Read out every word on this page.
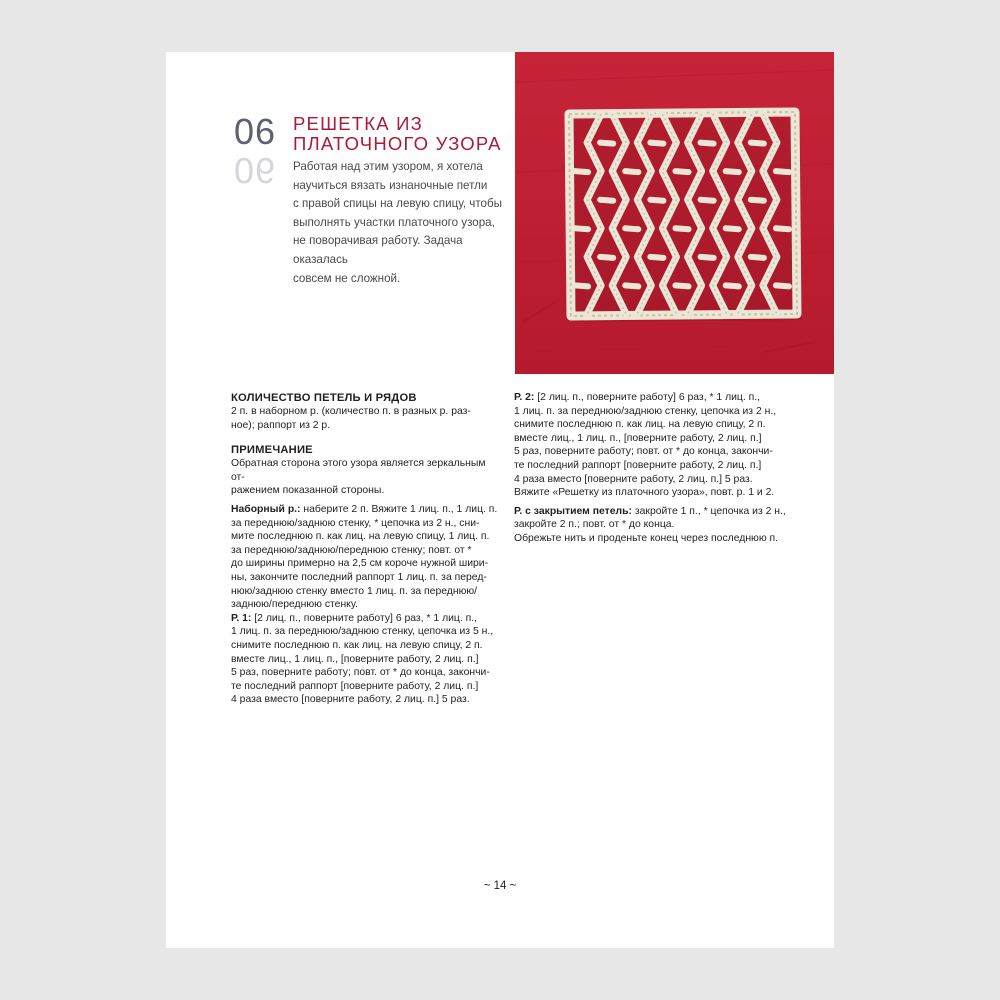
06
06
РЕШЕТКА ИЗ
ПЛАТОЧНОГО УЗОРА
Работая над этим узором, я хотела
научиться вязать изнаночные петли
с правой спицы на левую спицу, чтобы
выполнять участки платочного узора,
не поворачивая работу. Задача оказалась
совсем не сложной.
КОЛИЧЕСТВО ПЕТЕЛЬ И РЯДОВ
2 п. в наборном р. (количество п. в разных р. раз-
ное); раппорт из 2 р.
ПРИМЕЧАНИЕ
Обратная сторона этого узора является зеркальным от-
ражением показанной стороны.
Наборный р.: наберите 2 п. Вяжите 1 лиц. п., 1 лиц. п.
за переднюю/заднюю стенку, * цепочка из 2 н., сни-
мите последнюю п. как лиц. на левую спицу, 1 лиц. п.
за переднюю/заднюю/переднюю стенку; повт. от *
до ширины примерно на 2,5 см короче нужной шири-
ны, закончите последний раппорт 1 лиц. п. за перед-
нюю/заднюю стенку вместо 1 лиц. п. за переднюю/
заднюю/переднюю стенку.
Р. 1: [2 лиц. п., поверните работу] 6 раз, * 1 лиц. п.,
1 лиц. п. за переднюю/заднюю стенку, цепочка из 5 н.,
снимите последнюю п. как лиц. на левую спицу, 2 п.
вместе лиц., 1 лиц. п., [поверните работу, 2 лиц. п.]
5 раз, поверните работу; повт. от * до конца, закончи-
те последний раппорт [поверните работу, 2 лиц. п.]
4 раза вместо [поверните работу, 2 лиц. п.] 5 раз.
Р. 2: [2 лиц. п., поверните работу] 6 раз, * 1 лиц. п.,
1 лиц. п. за переднюю/заднюю стенку, цепочка из 2 н.,
снимите последнюю п. как лиц. на левую спицу, 2 п.
вместе лиц., 1 лиц. п., [поверните работу, 2 лиц. п.]
5 раз, поверните работу; повт. от * до конца, закончи-
те последний раппорт [поверните работу, 2 лиц. п.]
4 раза вместо [поверните работу, 2 лиц. п.] 5 раз.
Вяжите «Решетку из платочного узора», повт. р. 1 и 2.
Р. с закрытием петель: закройте 1 п., * цепочка из 2 н.,
закройте 2 п.; повт. от * до конца.
Обрежьте нить и проденьте конец через последнюю п.
~ 14 ~
